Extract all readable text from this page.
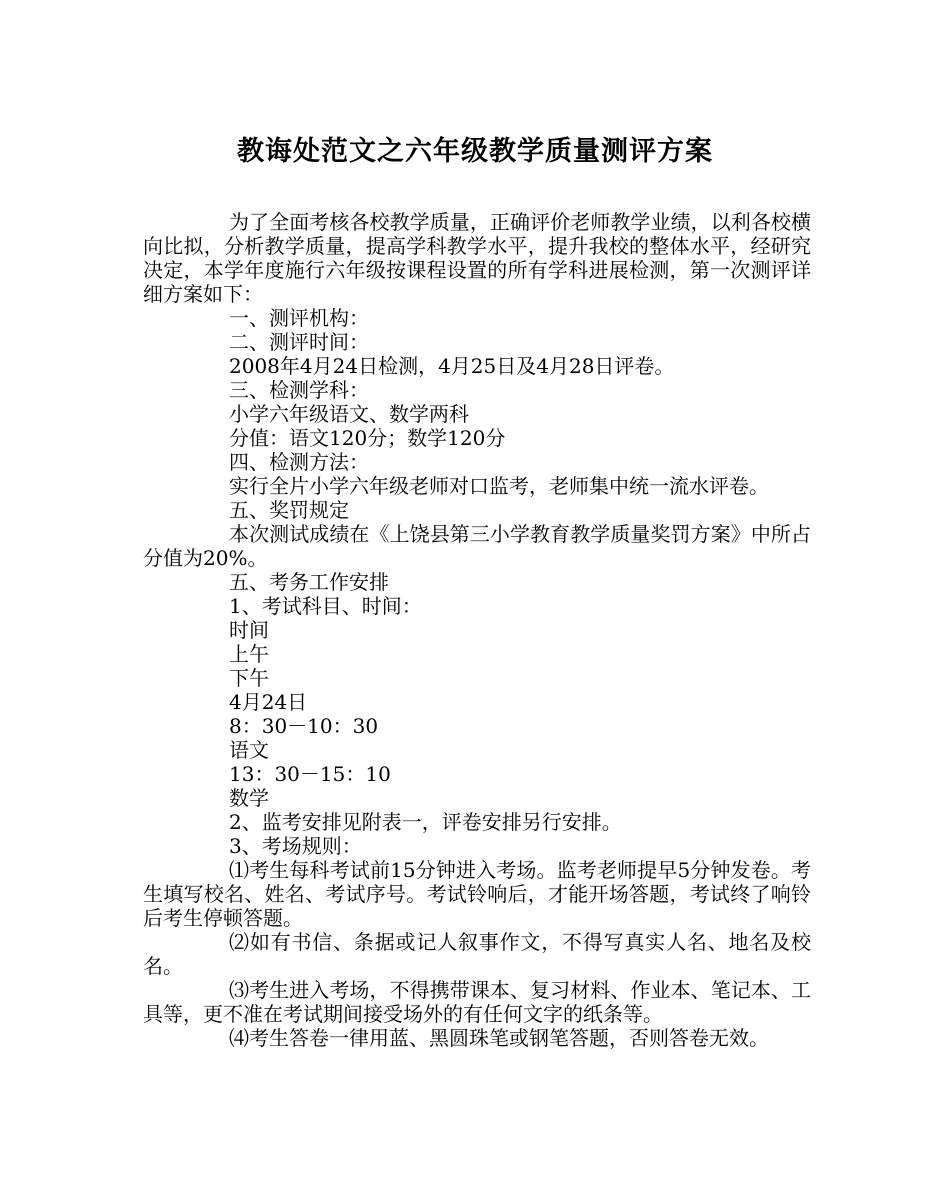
教诲处范文之六年级教学质量测评方案

为了全面考核各校教学质量，正确评价老师教学业绩，以利各校横向比拟，分析教学质量，提高学科教学水平，提升我校的整体水平，经研究决定，本学年度施行六年级按课程设置的所有学科进展检测，第一次测评详细方案如下：

一、测评机构：

二、测评时间：

2008年4月24日检测，4月25日及4月28日评卷。

三、检测学科：

小学六年级语文、数学两科

分值：语文120分；数学120分

四、检测方法：

实行全片小学六年级老师对口监考，老师集中统一流水评卷。

五、奖罚规定

本次测试成绩在《上饶县第三小学教育教学质量奖罚方案》中所占分值为20%。

五、考务工作安排

1、考试科目、时间：

时间

上午

下午

4月24日

8：30－10：30

语文

13：30－15：10

数学

2、监考安排见附表一，评卷安排另行安排。

3、考场规则：

⑴考生每科考试前15分钟进入考场。监考老师提早5分钟发卷。考生填写校名、姓名、考试序号。考试铃响后，才能开场答题，考试终了响铃后考生停顿答题。

⑵如有书信、条据或记人叙事作文，不得写真实人名、地名及校名。

⑶考生进入考场，不得携带课本、复习材料、作业本、笔记本、工具等，更不准在考试期间接受场外的有任何文字的纸条等。

⑷考生答卷一律用蓝、黑圆珠笔或钢笔答题，否则答卷无效。
